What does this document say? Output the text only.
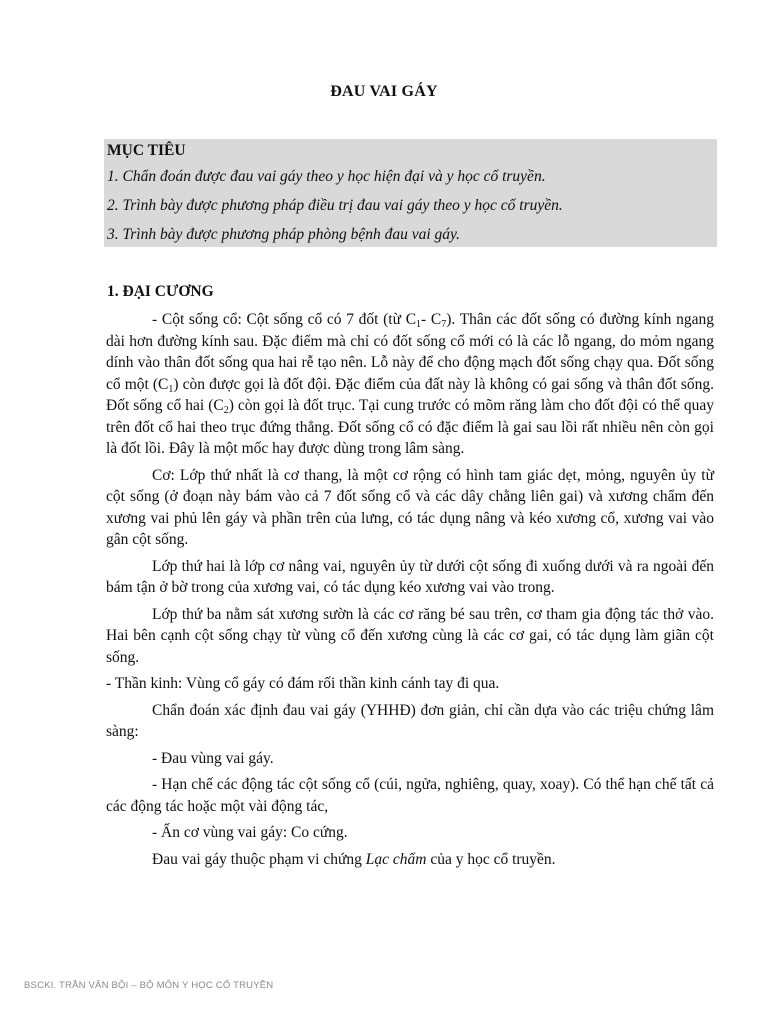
ĐAU VAI GÁY
MỤC TIÊU
1. Chẩn đoán được đau vai gáy theo y học hiện đại và y học cổ truyền.
2. Trình bày được phương pháp điều trị đau vai gáy theo y học cổ truyền.
3. Trình bày được phương pháp phòng bệnh đau vai gáy.
1. ĐẠI CƯƠNG

- Cột sống cổ: Cột sống cổ có 7 đốt (từ $C_1-$ $C_7$). Thân các đốt sống có đường kính ngang dài hơn đường kính sau. Đặc điểm mà chỉ có đốt sống cổ mới có là các lỗ ngang, do mỏm ngang dính vào thân đốt sống qua hai rễ tạo nên. Lỗ này để cho động mạch đốt sống chạy qua. Đốt sống cổ một $(C_1)$ còn được gọi là đốt đội. Đặc điểm của đất này là không có gai sống và thân đốt sống. Đốt sống cổ hai $(C_2)$ còn gọi là đốt trục. Tại cung trước có mõm răng làm cho đốt đội có thể quay trên đốt cổ hai theo trục đứng thẳng. Đốt sống cổ có đặc điểm là gai sau lồi rất nhiều nên còn gọi là đốt lồi. Đây là một mốc hay được dùng trong lâm sàng.

Cơ: Lớp thứ nhất là cơ thang, là một cơ rộng có hình tam giác dẹt, mỏng, nguyên ủy từ cột sống (ở đoạn này bám vào cả 7 đốt sống cổ và các dây chằng liên gai) và xương chẩm đến xương vai phủ lên gáy và phần trên của lưng, có tác dụng nâng và kéo xương cổ, xương vai vào gân cột sống.

Lớp thứ hai là lớp cơ nâng vai, nguyên ủy từ dưới cột sống đi xuống dưới và ra ngoài đến bám tận ở bờ trong của xương vai, có tác dụng kéo xương vai vào trong.

Lớp thứ ba nằm sát xương sườn là các cơ răng bé sau trên, cơ tham gia động tác thở vào. Hai bên cạnh cột sống chạy từ vùng cổ đến xương cùng là các cơ gai, có tác dụng làm giãn cột sống.

- Thần kinh: Vùng cổ gáy có đám rối thần kinh cánh tay đi qua.

Chẩn đoán xác định đau vai gáy (YHHĐ) đơn giản, chỉ cần dựa vào các triệu chứng lâm sàng:

- Đau vùng vai gáy.

- Hạn chế các động tác cột sống cổ (cúi, ngửa, nghiêng, quay, xoay). Có thể hạn chế tất cả các động tác hoặc một vài động tác,

- Ấn cơ vùng vai gáy: Co cứng.

Đau vai gáy thuộc phạm vi chứng Lạc chẩm của y học cổ truyền.

BSCKI. TRẦN VĂN BỘI – BỘ MÔN Y HỌC CỔ TRUYỀN
